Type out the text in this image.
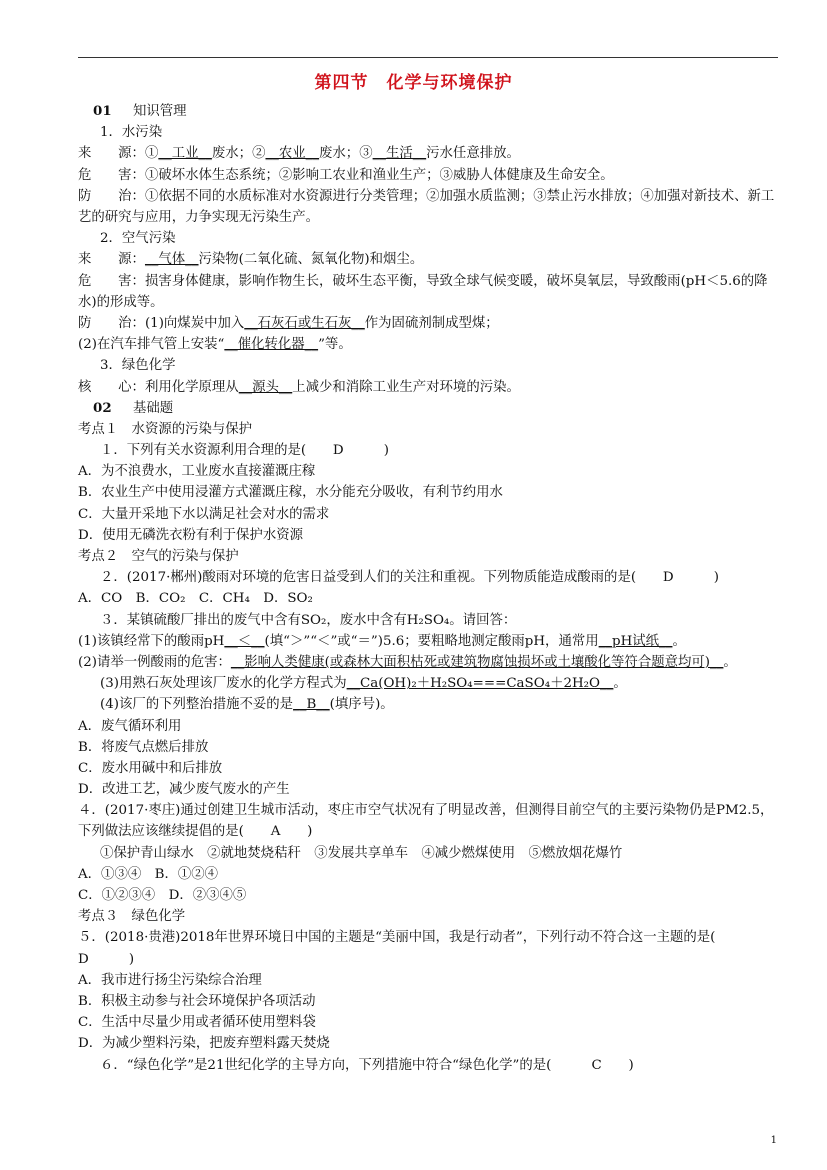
第四节　化学与环境保护
01 知识管理
1．水污染
来　　源：①__工业__废水；②__农业__废水；③__生活__污水任意排放。
危　　害：①破坏水体生态系统；②影响工农业和渔业生产；③威胁人体健康及生命安全。
防　　治：①依据不同的水质标准对水资源进行分类管理；②加强水质监测；③禁止污水排放；④加强对新技术、新工艺的研究与应用，力争实现无污染生产。
2．空气污染
来　　源：__气体__污染物(二氧化硫、氮氧化物)和烟尘。
危　　害：损害身体健康，影响作物生长，破坏生态平衡，导致全球气候变暖，破坏臭氧层，导致酸雨(pH＜5.6的降水)的形成等。
防　　治：(1)向煤炭中加入__石灰石或生石灰__作为固硫剂制成型煤；
(2)在汽车排气管上安装“__催化转化器__”等。
3．绿色化学
核　　心：利用化学原理从__源头__上减少和消除工业生产对环境的污染。
02 基础题
考点１　水资源的污染与保护
１．下列有关水资源利用合理的是(　　D　　　)
A．为不浪费水，工业废水直接灌溉庄稼
B．农业生产中使用浸灌方式灌溉庄稼，水分能充分吸收，有利节约用水
C．大量开采地下水以满足社会对水的需求
D．使用无磷洗衣粉有利于保护水资源
考点２　空气的污染与保护
２．(2017·郴州)酸雨对环境的危害日益受到人们的关注和重视。下列物质能造成酸雨的是(　　D　　　)
A．CO　B．CO₂　C．CH₄　D．SO₂
３．某镇硫酸厂排出的废气中含有SO₂，废水中含有H₂SO₄。请回答：
(1)该镇经常下的酸雨pH__＜__(填“＞”“＜”或“＝”)5.6；要粗略地测定酸雨pH，通常用__pH试纸__。
(2)请举一例酸雨的危害：__影响人类健康(或森林大面积枯死或建筑物腐蚀损坏或土壤酸化等符合题意均可)__。
(3)用熟石灰处理该厂废水的化学方程式为__Ca(OH)₂＋H₂SO₄===CaSO₄＋2H₂O__。
(4)该厂的下列整治措施不妥的是__B__(填序号)。
A．废气循环利用
B．将废气点燃后排放
C．废水用碱中和后排放
D．改进工艺，减少废气废水的产生
４．(2017·枣庄)通过创建卫生城市活动，枣庄市空气状况有了明显改善，但测得目前空气的主要污染物仍是PM2.5，下列做法应该继续提倡的是(　　A　　)
①保护青山绿水　②就地焚烧秸秆　③发展共享单车　④减少燃煤使用　⑤燃放烟花爆竹
A．①③④　B．①②④
C．①②③④　D．②③④⑤
考点３　绿色化学
５．(2018·贵港)2018年世界环境日中国的主题是“美丽中国，我是行动者”，下列行动不符合这一主题的是(　　D　　　)
A．我市进行扬尘污染综合治理
B．积极主动参与社会环境保护各项活动
C．生活中尽量少用或者循环使用塑料袋
D．为减少塑料污染，把废弃塑料露天焚烧
６．“绿色化学”是21世纪化学的主导方向，下列措施中符合“绿色化学”的是(　　　C　　)
1
